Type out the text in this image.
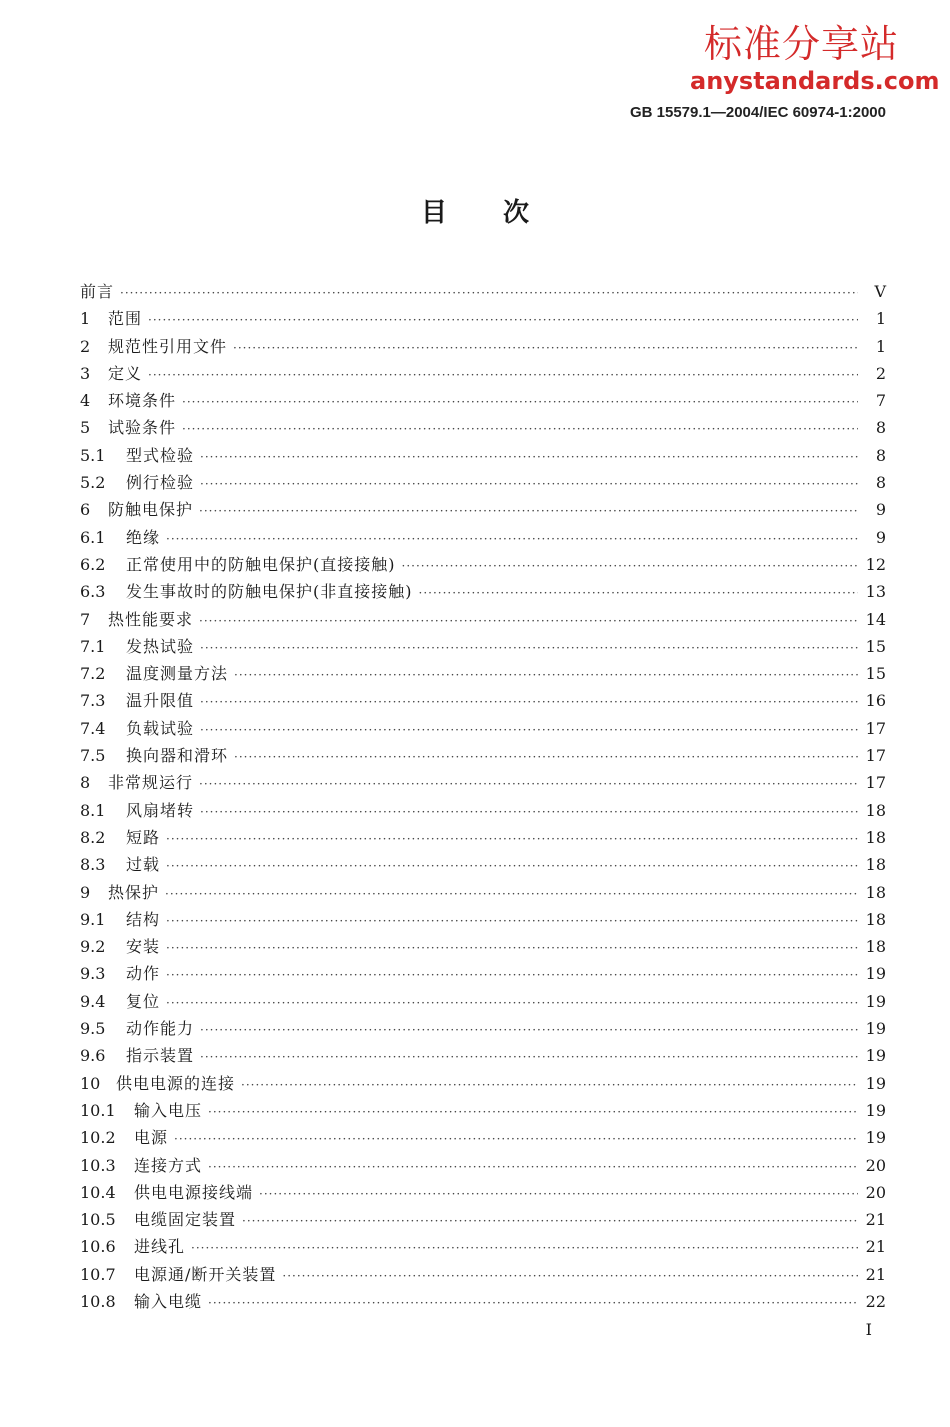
标准分享站
anystandards.com
GB 15579.1—2004/IEC 60974-1:2000
目次
前言 ·····	V
1	范围 ·····	1
2	规范性引用文件 ·····	1
3	定义 ·····	2
4	环境条件 ·····	7
5	试验条件 ·····	8
5.1	型式检验 ·····	8
5.2	例行检验 ·····	8
6	防触电保护 ·····	9
6.1	绝缘 ·····	9
6.2	正常使用中的防触电保护(直接接触) ·····	12
6.3	发生事故时的防触电保护(非直接接触) ·····	13
7	热性能要求 ·····	14
7.1	发热试验 ·····	15
7.2	温度测量方法 ·····	15
7.3	温升限值 ·····	16
7.4	负载试验 ·····	17
7.5	换向器和滑环 ·····	17
8	非常规运行 ·····	17
8.1	风扇堵转 ·····	18
8.2	短路 ·····	18
8.3	过载 ·····	18
9	热保护 ·····	18
9.1	结构 ·····	18
9.2	安装 ·····	18
9.3	动作 ·····	19
9.4	复位 ·····	19
9.5	动作能力 ·····	19
9.6	指示装置 ·····	19
10 供电电源的连接 ·····	19
10.1	输入电压 ·····	19
10.2	电源 ·····	19
10.3	连接方式 ·····	20
10.4	供电电源接线端 ·····	20
10.5	电缆固定装置 ·····	21
10.6	进线孔 ·····	21
10.7	电源通/断开关装置 ·····	21
10.8	输入电缆 ·····	22
I
